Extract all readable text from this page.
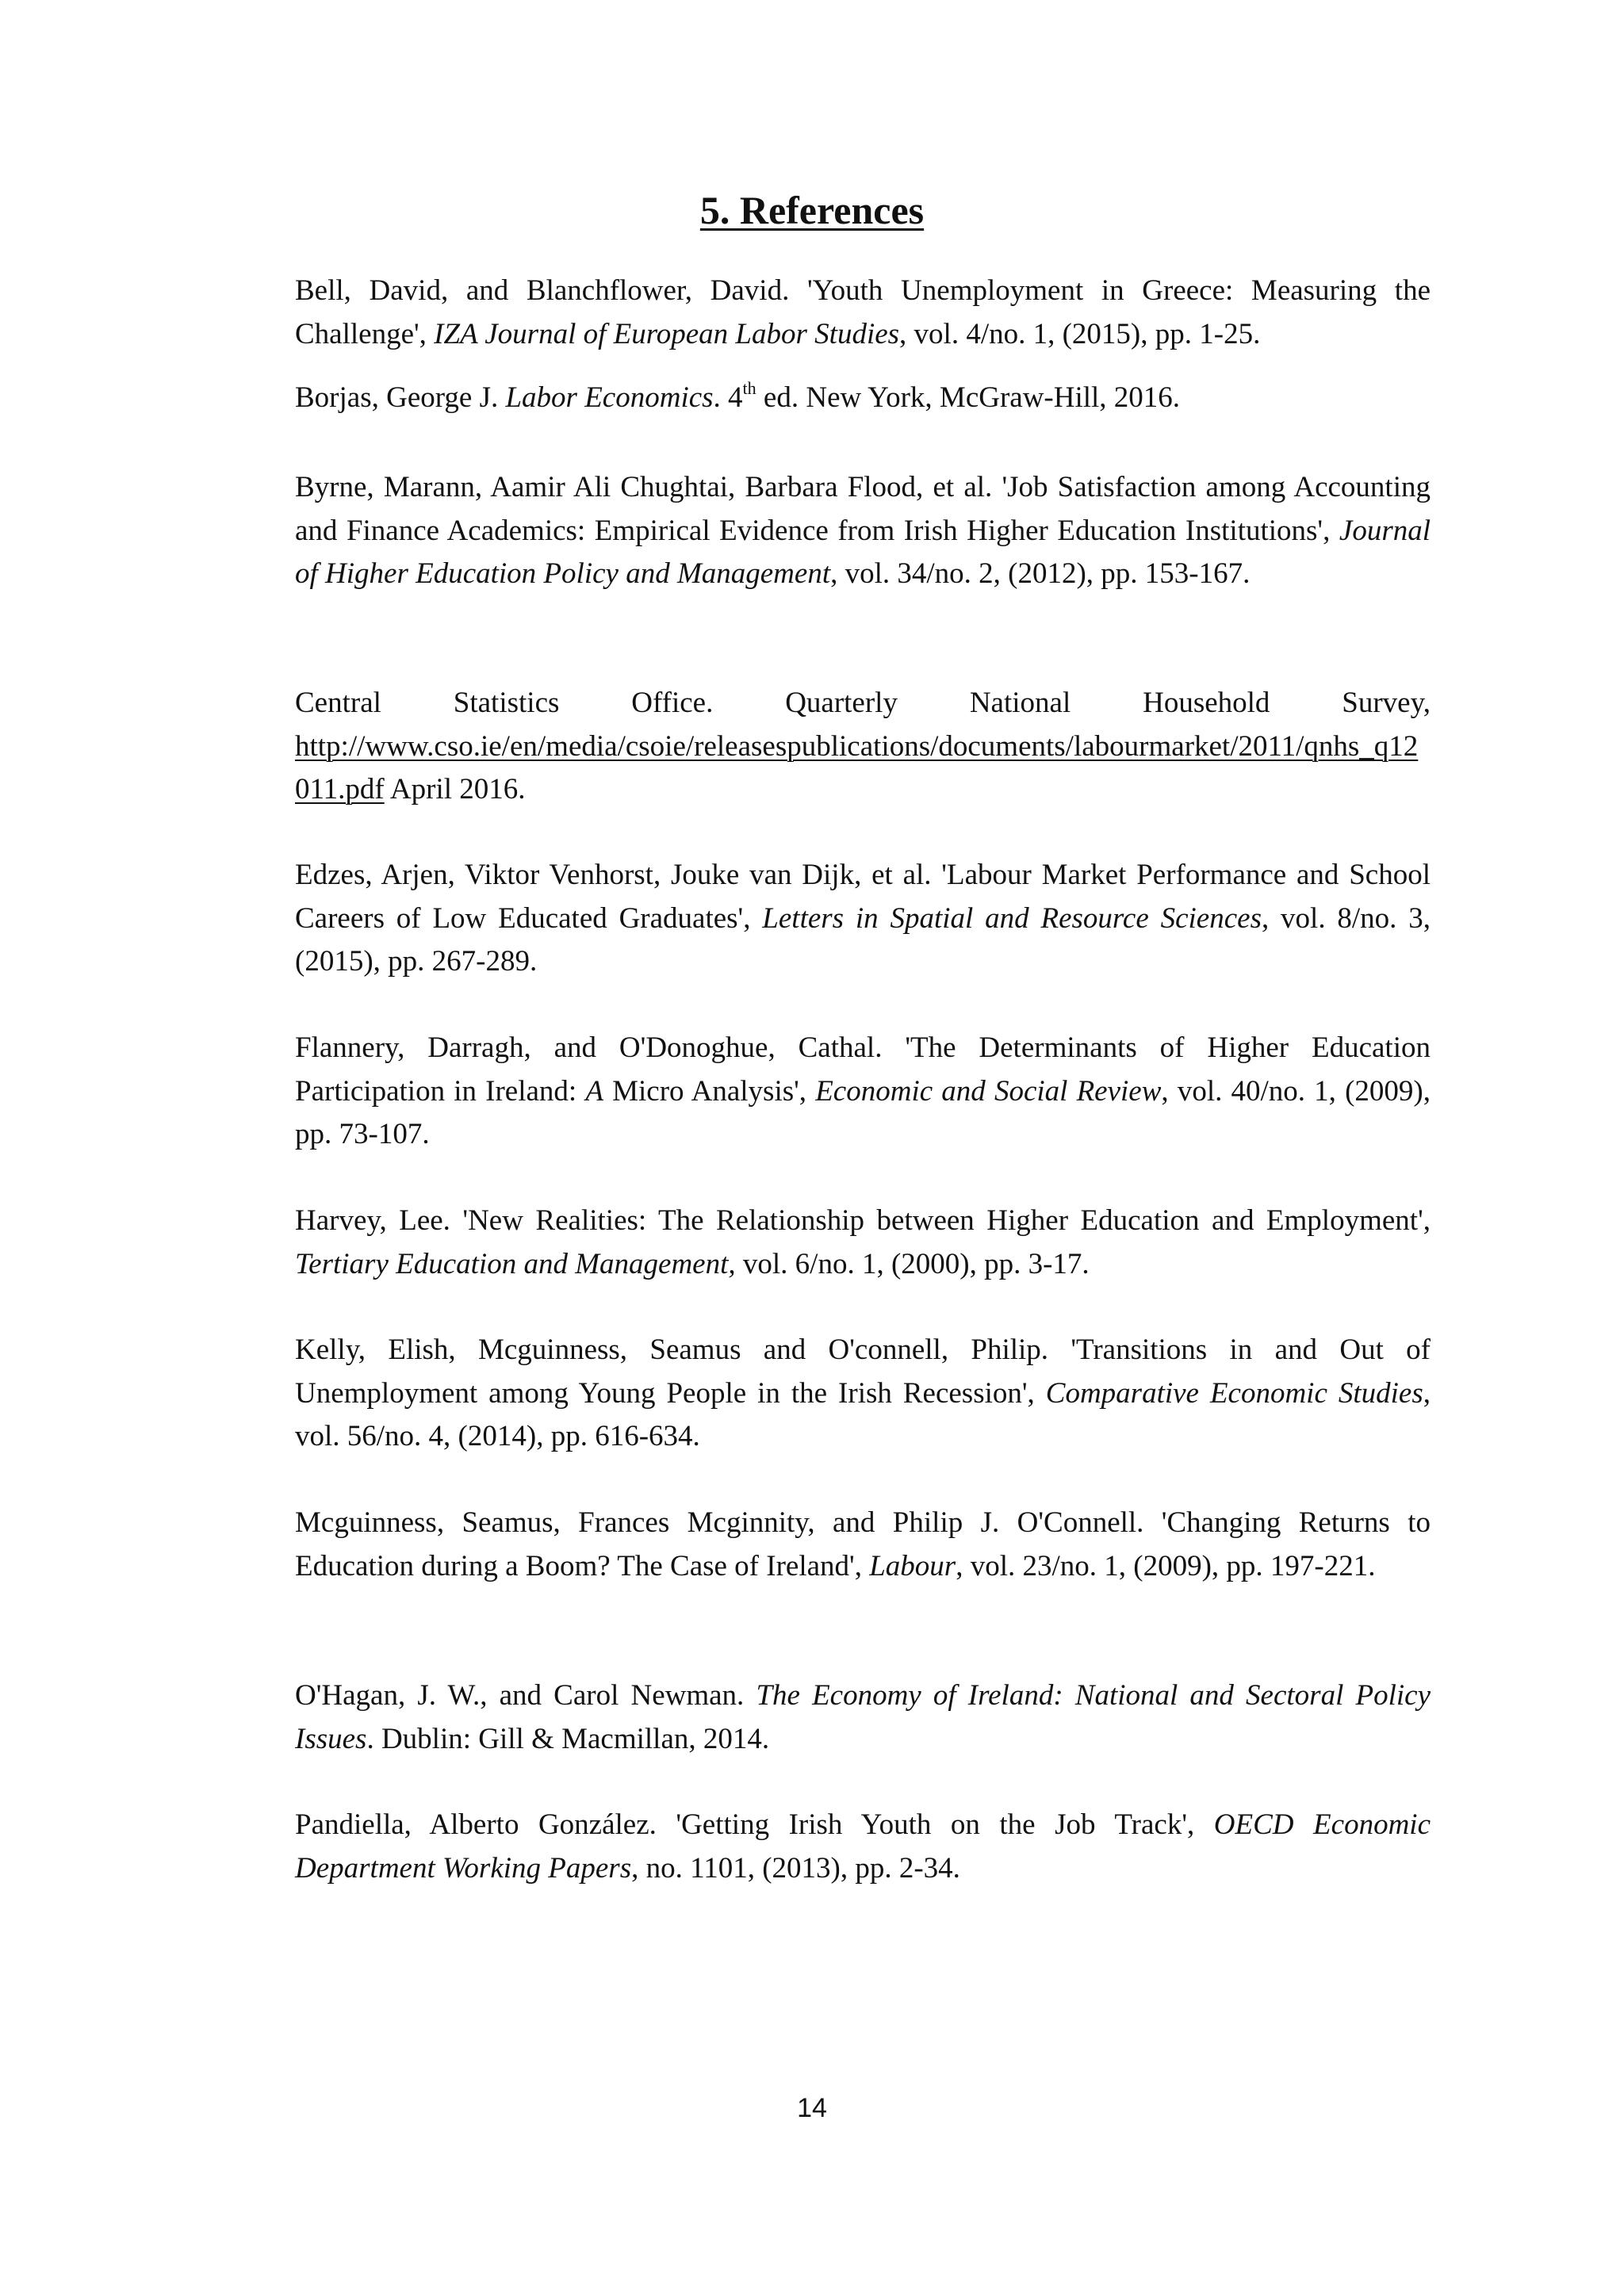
5. References

Bell, David, and Blanchflower, David. 'Youth Unemployment in Greece: Measuring the Challenge', IZA Journal of European Labor Studies, vol. 4/no. 1, (2015), pp. 1-25.

Borjas, George J. Labor Economics. 4th ed. New York, McGraw-Hill, 2016.

Byrne, Marann, Aamir Ali Chughtai, Barbara Flood, et al. 'Job Satisfaction among Accounting and Finance Academics: Empirical Evidence from Irish Higher Education Institutions', Journal of Higher Education Policy and Management, vol. 34/no. 2, (2012), pp. 153-167.

Central Statistics Office. Quarterly National Household Survey,
http://www.cso.ie/en/media/csoie/releasespublications/documents/labourmarket/2011/qnhs_q12011.pdf April 2016.

Edzes, Arjen, Viktor Venhorst, Jouke van Dijk, et al. 'Labour Market Performance and School Careers of Low Educated Graduates', Letters in Spatial and Resource Sciences, vol. 8/no. 3, (2015), pp. 267-289.

Flannery, Darragh, and O'Donoghue, Cathal. 'The Determinants of Higher Education Participation in Ireland: A Micro Analysis', Economic and Social Review, vol. 40/no. 1, (2009), pp. 73-107.

Harvey, Lee. 'New Realities: The Relationship between Higher Education and Employment', Tertiary Education and Management, vol. 6/no. 1, (2000), pp. 3-17.

Kelly, Elish, Mcguinness, Seamus and O'connell, Philip. 'Transitions in and Out of Unemployment among Young People in the Irish Recession', Comparative Economic Studies, vol. 56/no. 4, (2014), pp. 616-634.

Mcguinness, Seamus, Frances Mcginnity, and Philip J. O'Connell. 'Changing Returns to Education during a Boom? The Case of Ireland', Labour, vol. 23/no. 1, (2009), pp. 197-221.

O'Hagan, J. W., and Carol Newman. The Economy of Ireland: National and Sectoral Policy Issues. Dublin: Gill & Macmillan, 2014.

Pandiella, Alberto González. 'Getting Irish Youth on the Job Track', OECD Economic Department Working Papers, no. 1101, (2013), pp. 2-34.

14
